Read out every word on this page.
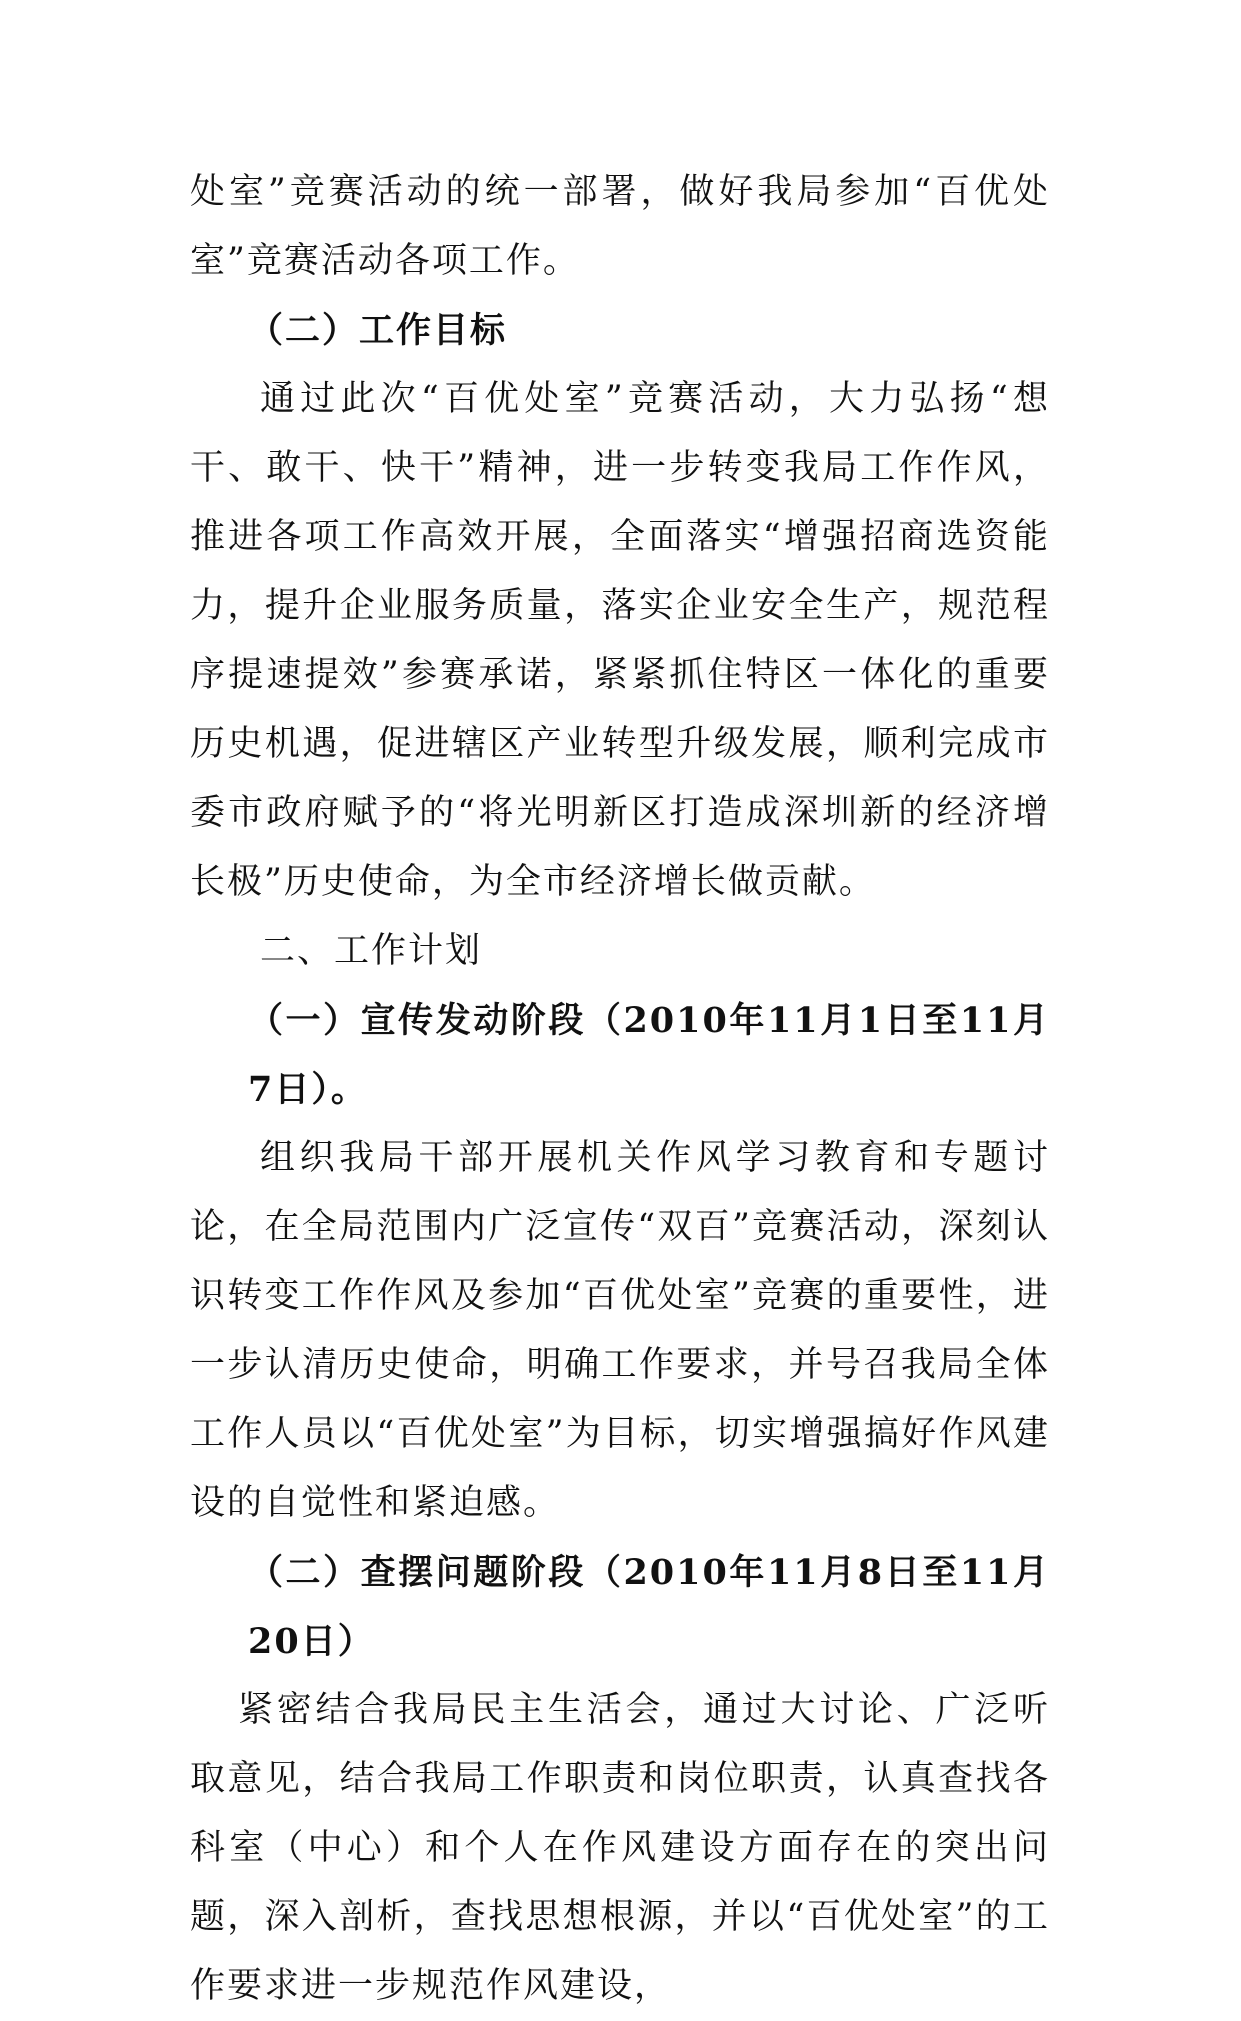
处室”竞赛活动的统一部署，做好我局参加“百优处室”竞赛活动各项工作。

（二）工作目标

通过此次“百优处室”竞赛活动，大力弘扬“想干、敢干、快干”精神，进一步转变我局工作作风，推进各项工作高效开展，全面落实“增强招商选资能力，提升企业服务质量，落实企业安全生产，规范程序提速提效”参赛承诺，紧紧抓住特区一体化的重要历史机遇，促进辖区产业转型升级发展，顺利完成市委市政府赋予的“将光明新区打造成深圳新的经济增长极”历史使命，为全市经济增长做贡献。

二、工作计划
（一）宣传发动阶段（2010年11月1日至11月7日）。

组织我局干部开展机关作风学习教育和专题讨论，在全局范围内广泛宣传“双百”竞赛活动，深刻认识转变工作作风及参加“百优处室”竞赛的重要性，进一步认清历史使命，明确工作要求，并号召我局全体工作人员以“百优处室”为目标，切实增强搞好作风建设的自觉性和紧迫感。

（二）查摆问题阶段（2010年11月8日至11月20日）

紧密结合我局民主生活会，通过大讨论、广泛听取意见，结合我局工作职责和岗位职责，认真查找各科室（中心）和个人在作风建设方面存在的突出问题，深入剖析，查找思想根源，并以“百优处室”的工作要求进一步规范作风建设，
